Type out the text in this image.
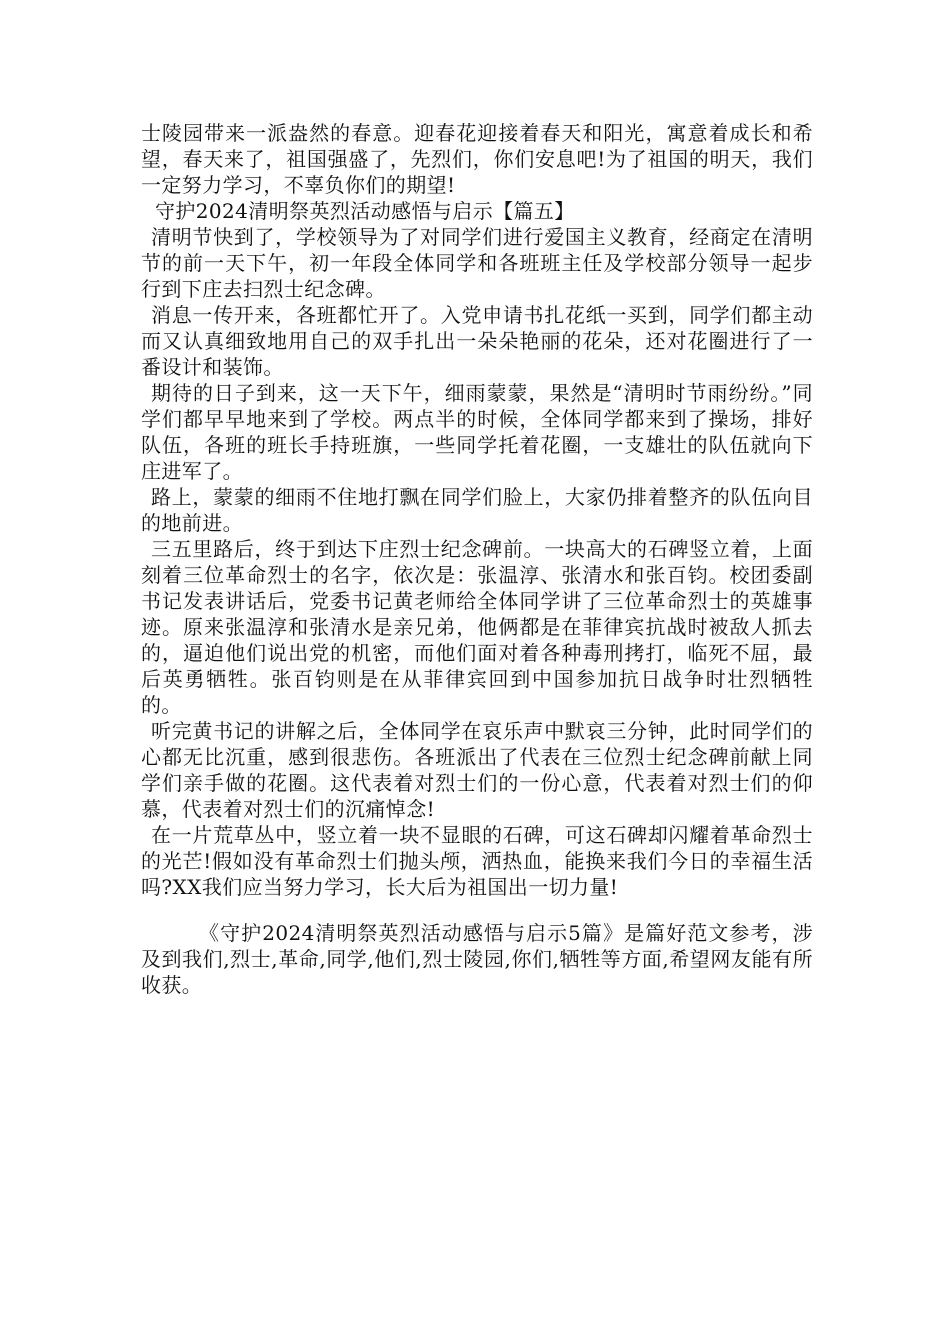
士陵园带来一派盎然的春意。迎春花迎接着春天和阳光，寓意着成长和希望，春天来了，祖国强盛了，先烈们，你们安息吧!为了祖国的明天，我们一定努力学习，不辜负你们的期望!

守护2024清明祭英烈活动感悟与启示【篇五】

清明节快到了，学校领导为了对同学们进行爱国主义教育，经商定在清明节的前一天下午，初一年段全体同学和各班班主任及学校部分领导一起步行到下庄去扫烈士纪念碑。

消息一传开来，各班都忙开了。入党申请书扎花纸一买到，同学们都主动而又认真细致地用自己的双手扎出一朵朵艳丽的花朵，还对花圈进行了一番设计和装饰。

期待的日子到来，这一天下午，细雨蒙蒙，果然是“清明时节雨纷纷。”同学们都早早地来到了学校。两点半的时候，全体同学都来到了操场，排好队伍，各班的班长手持班旗，一些同学托着花圈，一支雄壮的队伍就向下庄进军了。

路上，蒙蒙的细雨不住地打飘在同学们脸上，大家仍排着整齐的队伍向目的地前进。

三五里路后，终于到达下庄烈士纪念碑前。一块高大的石碑竖立着，上面刻着三位革命烈士的名字，依次是：张温淳、张清水和张百钧。校团委副书记发表讲话后，党委书记黄老师给全体同学讲了三位革命烈士的英雄事迹。原来张温淳和张清水是亲兄弟，他俩都是在菲律宾抗战时被敌人抓去的，逼迫他们说出党的机密，而他们面对着各种毒刑拷打，临死不屈，最后英勇牺牲。张百钧则是在从菲律宾回到中国参加抗日战争时壮烈牺牲的。

听完黄书记的讲解之后，全体同学在哀乐声中默哀三分钟，此时同学们的心都无比沉重，感到很悲伤。各班派出了代表在三位烈士纪念碑前献上同学们亲手做的花圈。这代表着对烈士们的一份心意，代表着对烈士们的仰慕，代表着对烈士们的沉痛悼念!

在一片荒草丛中，竖立着一块不显眼的石碑，可这石碑却闪耀着革命烈士的光芒!假如没有革命烈士们抛头颅，洒热血，能换来我们今日的幸福生活吗?XX我们应当努力学习，长大后为祖国出一切力量!

《守护2024清明祭英烈活动感悟与启示5篇》是篇好范文参考，涉及到我们,烈士,革命,同学,他们,烈士陵园,你们,牺牲等方面,希望网友能有所收获。
